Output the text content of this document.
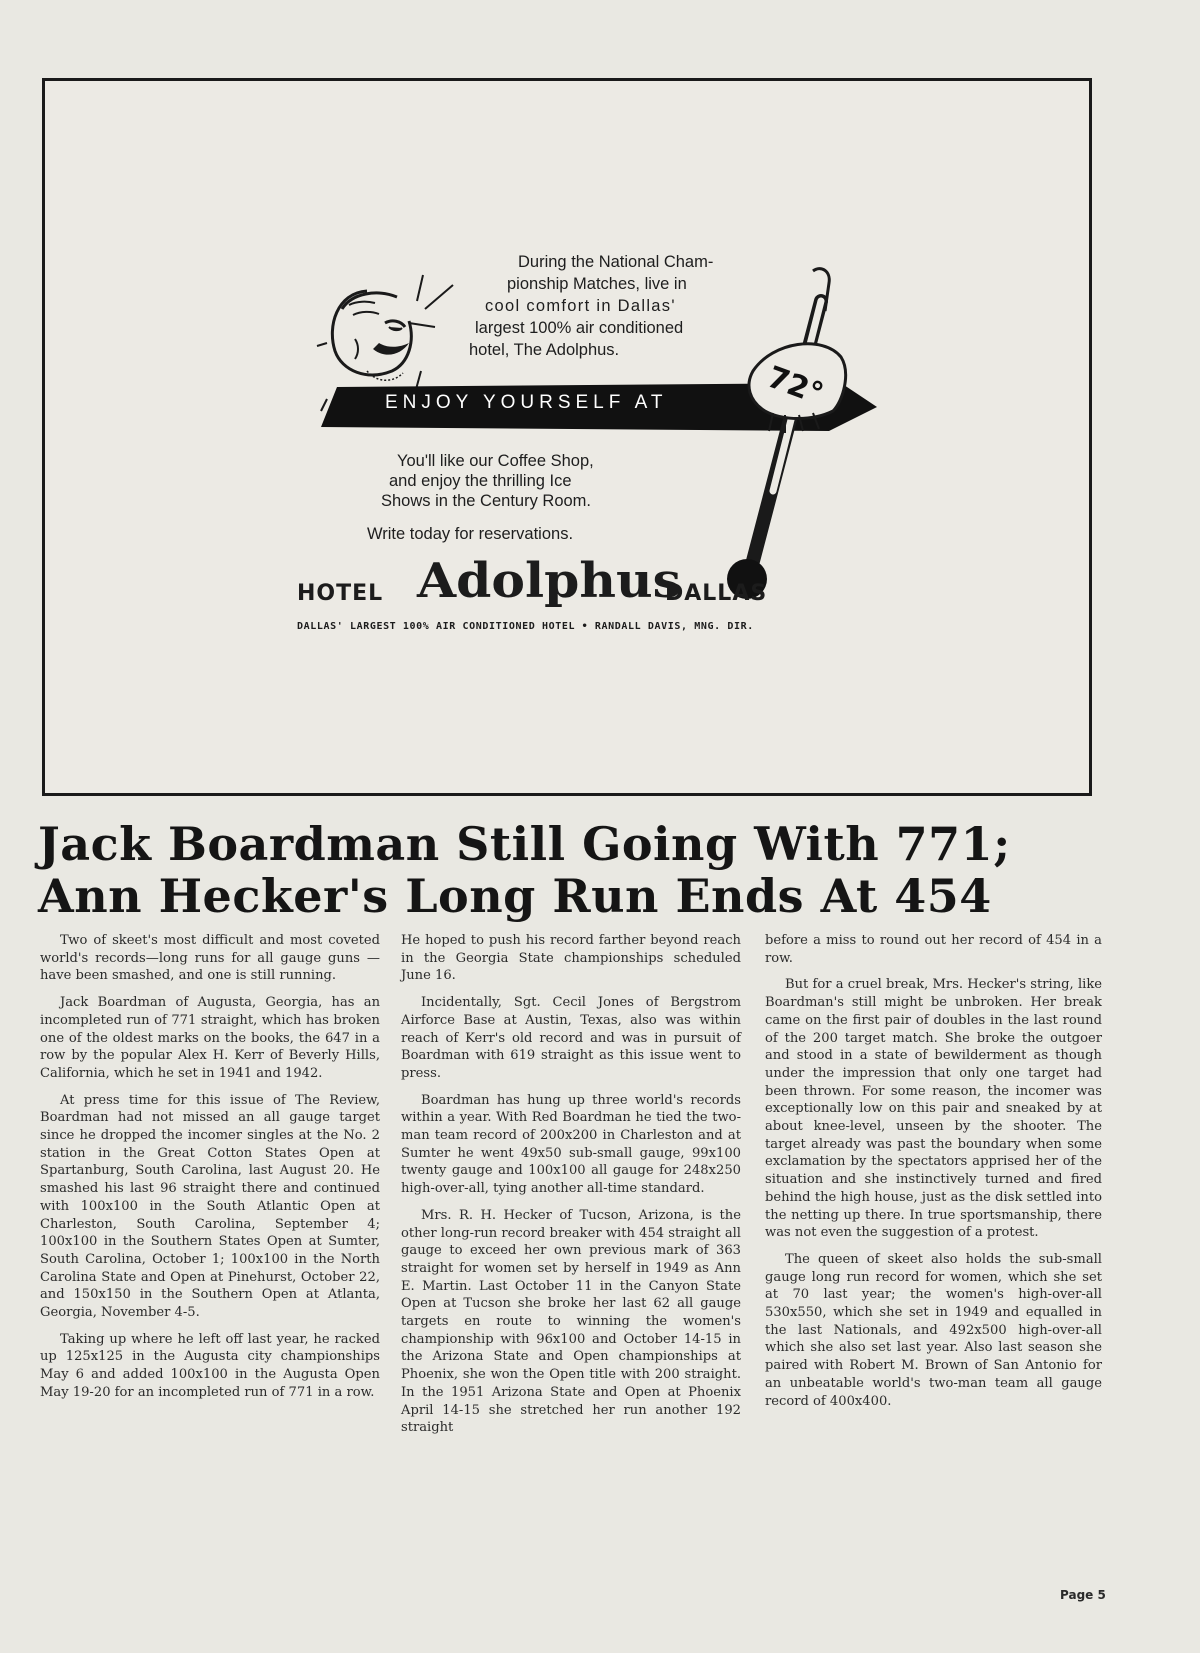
During the National Cham-
pionship Matches, live in
cool comfort in Dallas'
largest 100% air conditioned
hotel, The Adolphus.
ENJOY YOURSELF AT	72°
You'll like our Coffee Shop,
and enjoy the thrilling Ice
Shows in the Century Room.
Write today for reservations.
HOTEL Adolphus
DALLAS
DALLAS' LARGEST 100% AIR CONDITIONED HOTEL • RANDALL DAVIS, MNG. DIR.
Jack Boardman Still Going With 771;
Ann Hecker's Long Run Ends At 454

Two of skeet's most difficult and most coveted world's records—long runs for all gauge guns — have been smashed, and one is still running.

Jack Boardman of Augusta, Georgia, has an incompleted run of 771 straight, which has broken one of the oldest marks on the books, the 647 in a row by the popular Alex H. Kerr of Beverly Hills, California, which he set in 1941 and 1942.

At press time for this issue of The Review, Boardman had not missed an all gauge target since he dropped the incomer singles at the No. 2 station in the Great Cotton States Open at Spartanburg, South Carolina, last August 20. He smashed his last 96 straight there and continued with 100x100 in the South Atlantic Open at Charleston, South Carolina, September 4; 100x100 in the Southern States Open at Sumter, South Carolina, October 1; 100x100 in the North Carolina State and Open at Pinehurst, October 22, and 150x150 in the Southern Open at Atlanta, Georgia, November 4-5.

Taking up where he left off last year, he racked up 125x125 in the Augusta city championships May 6 and added 100x100 in the Augusta Open May 19-20 for an incompleted run of 771 in a row.

He hoped to push his record farther beyond reach in the Georgia State championships scheduled June 16.

Incidentally, Sgt. Cecil Jones of Bergstrom Airforce Base at Austin, Texas, also was within reach of Kerr's old record and was in pursuit of Boardman with 619 straight as this issue went to press.

Boardman has hung up three world's records within a year. With Red Boardman he tied the two-man team record of 200x200 in Charleston and at Sumter he went 49x50 sub-small gauge, 99x100 twenty gauge and 100x100 all gauge for 248x250 high-over-all, tying another all-time standard.

Mrs. R. H. Hecker of Tucson, Arizona, is the other long-run record breaker with 454 straight all gauge to exceed her own previous mark of 363 straight for women set by herself in 1949 as Ann E. Martin. Last October 11 in the Canyon State Open at Tucson she broke her last 62 all gauge targets en route to winning the women's championship with 96x100 and October 14-15 in the Arizona State and Open championships at Phoenix, she won the Open title with 200 straight. In the 1951 Arizona State and Open at Phoenix April 14-15 she stretched her run another 192 straight

before a miss to round out her record of 454 in a row.

But for a cruel break, Mrs. Hecker's string, like Boardman's still might be unbroken. Her break came on the first pair of doubles in the last round of the 200 target match. She broke the outgoer and stood in a state of bewilderment as though under the impression that only one target had been thrown. For some reason, the incomer was exceptionally low on this pair and sneaked by at about knee-level, unseen by the shooter. The target already was past the boundary when some exclamation by the spectators apprised her of the situation and she instinctively turned and fired behind the high house, just as the disk settled into the netting up there. In true sportsmanship, there was not even the suggestion of a protest.

The queen of skeet also holds the sub-small gauge long run record for women, which she set at 70 last year; the women's high-over-all 530x550, which she set in 1949 and equalled in the last Nationals, and 492x500 high-over-all which she also set last year. Also last season she paired with Robert M. Brown of San Antonio for an unbeatable world's two-man team all gauge record of 400x400.

Page 5
